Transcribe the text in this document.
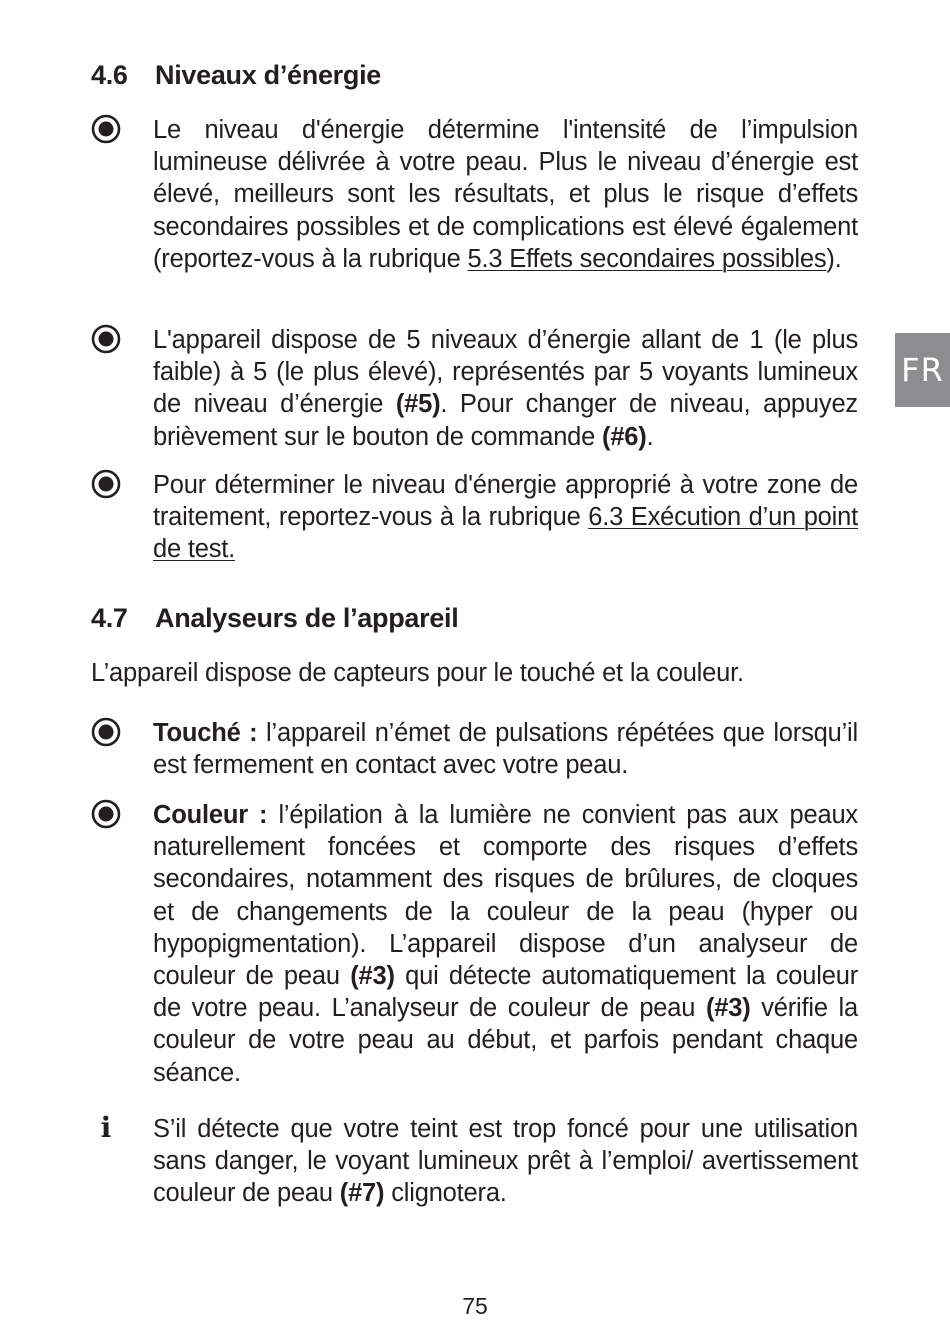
4.6 Niveaux d’énergie
Le niveau d'énergie détermine l'intensité de l’impulsion lumineuse délivrée à votre peau. Plus le niveau d’énergie est élevé, meilleurs sont les résultats, et plus le risque d’effets secondaires possibles et de complications est élevé également (reportez-vous à la rubrique 5.3 Effets secondaires possibles).
L'appareil dispose de 5 niveaux d’énergie allant de 1 (le plus faible) à 5 (le plus élevé), représentés par 5 voyants lumineux de niveau d’énergie (#5). Pour changer de niveau, appuyez brièvement sur le bouton de commande (#6).
Pour déterminer le niveau d'énergie approprié à votre zone de traitement, reportez-vous à la rubrique 6.3 Exécution d’un point de test.
4.7 Analyseurs de l’appareil
L’appareil dispose de capteurs pour le touché et la couleur.
Touché : l’appareil n’émet de pulsations répétées que lorsqu’il est fermement en contact avec votre peau.
Couleur : l’épilation à la lumière ne convient pas aux peaux naturellement foncées et comporte des risques d’effets secondaires, notamment des risques de brûlures, de cloques et de changements de la couleur de la peau (hyper ou hypopigmentation). L’appareil dispose d’un analyseur de couleur de peau (#3) qui détecte automatiquement la couleur de votre peau. L’analyseur de couleur de peau (#3) vérifie la couleur de votre peau au début, et parfois pendant chaque séance.
i S’il détecte que votre teint est trop foncé pour une utilisation sans danger, le voyant lumineux prêt à l’emploi/ avertissement couleur de peau (#7) clignotera.
FR
75
